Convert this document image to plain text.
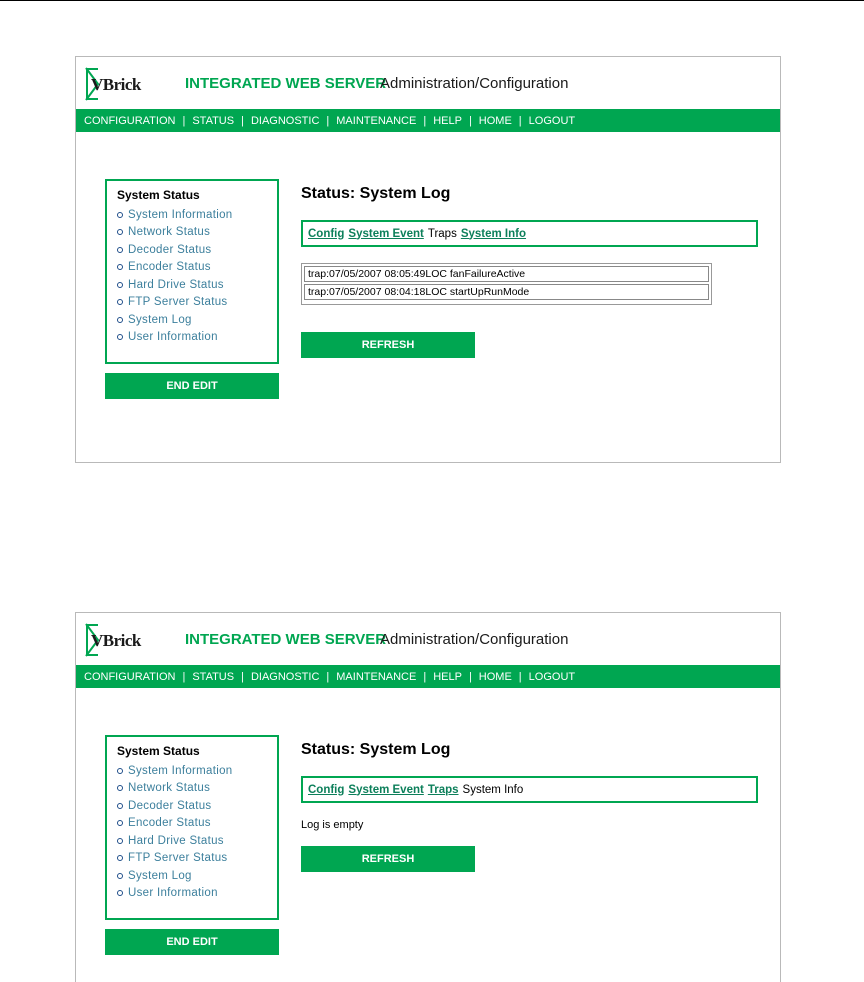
VBrick	INTEGRATED WEB SERVER
Administration/Configuration
CONFIGURATION | STATUS | DIAGNOSTIC | MAINTENANCE | HELP | HOME | LOGOUT
System Status
System Information
Network Status
Decoder Status
Encoder Status
Hard Drive Status
FTP Server Status
System Log
User Information
END EDIT
Status: System Log
Config System Event Traps System Info
trap:07/05/2007 08:05:49LOC fanFailureActive
trap:07/05/2007 08:04:18LOC startUpRunMode
REFRESH
VBrick	INTEGRATED WEB SERVER
Administration/Configuration
CONFIGURATION | STATUS | DIAGNOSTIC | MAINTENANCE | HELP | HOME | LOGOUT
System Status
System Information
Network Status
Decoder Status
Encoder Status
Hard Drive Status
FTP Server Status
System Log
User Information
END EDIT
Status: System Log
Config System Event Traps System Info
Log is empty
REFRESH
